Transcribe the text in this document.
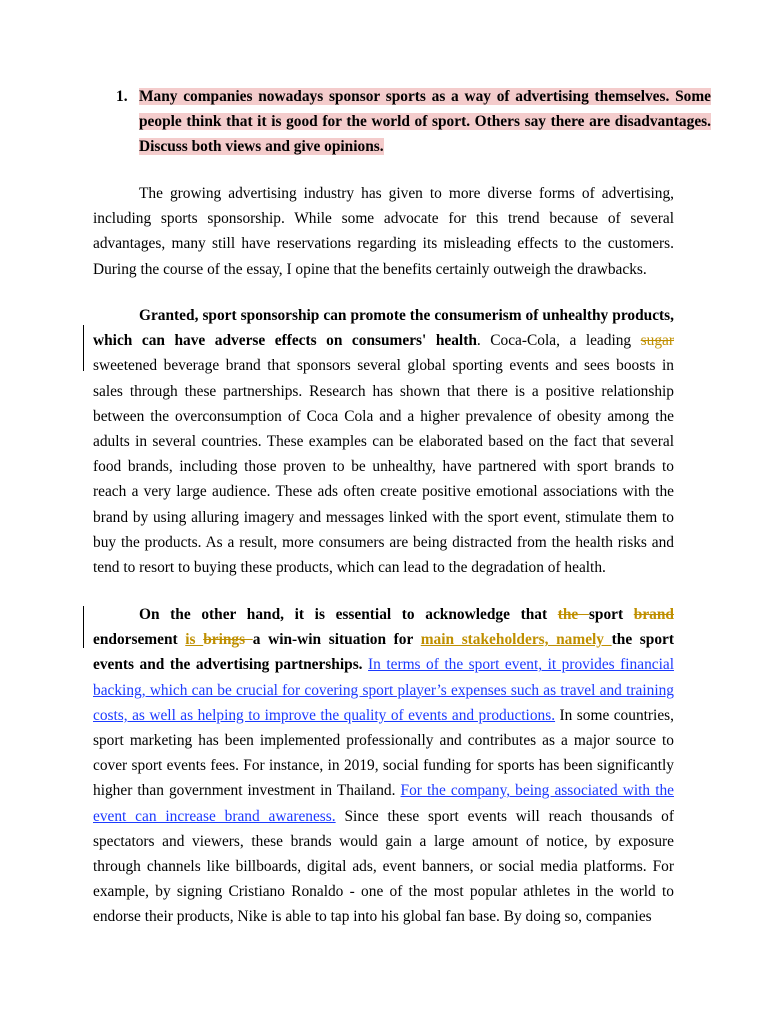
1. Many companies nowadays sponsor sports as a way of advertising themselves. Some people think that it is good for the world of sport. Others say there are disadvantages. Discuss both views and give opinions.

The growing advertising industry has given to more diverse forms of advertising, including sports sponsorship. While some advocate for this trend because of several advantages, many still have reservations regarding its misleading effects to the customers. During the course of the essay, I opine that the benefits certainly outweigh the drawbacks.

Granted, sport sponsorship can promote the consumerism of unhealthy products, which can have adverse effects on consumers' health. Coca-Cola, a leading sugar sweetened beverage brand that sponsors several global sporting events and sees boosts in sales through these partnerships. Research has shown that there is a positive relationship between the overconsumption of Coca Cola and a higher prevalence of obesity among the adults in several countries. These examples can be elaborated based on the fact that several food brands, including those proven to be unhealthy, have partnered with sport brands to reach a very large audience. These ads often create positive emotional associations with the brand by using alluring imagery and messages linked with the sport event, stimulate them to buy the products. As a result, more consumers are being distracted from the health risks and tend to resort to buying these products, which can lead to the degradation of health.

On the other hand, it is essential to acknowledge that the sport brand endorsement is brings a win-win situation for main stakeholders, namely the sport events and the advertising partnerships. In terms of the sport event, it provides financial backing, which can be crucial for covering sport player’s expenses such as travel and training costs, as well as helping to improve the quality of events and productions. In some countries, sport marketing has been implemented professionally and contributes as a major source to cover sport events fees. For instance, in 2019, social funding for sports has been significantly higher than government investment in Thailand. For the company, being associated with the event can increase brand awareness. Since these sport events will reach thousands of spectators and viewers, these brands would gain a large amount of notice, by exposure through channels like billboards, digital ads, event banners, or social media platforms. For example, by signing Cristiano Ronaldo - one of the most popular athletes in the world to endorse their products, Nike is able to tap into his global fan base. By doing so, companies
